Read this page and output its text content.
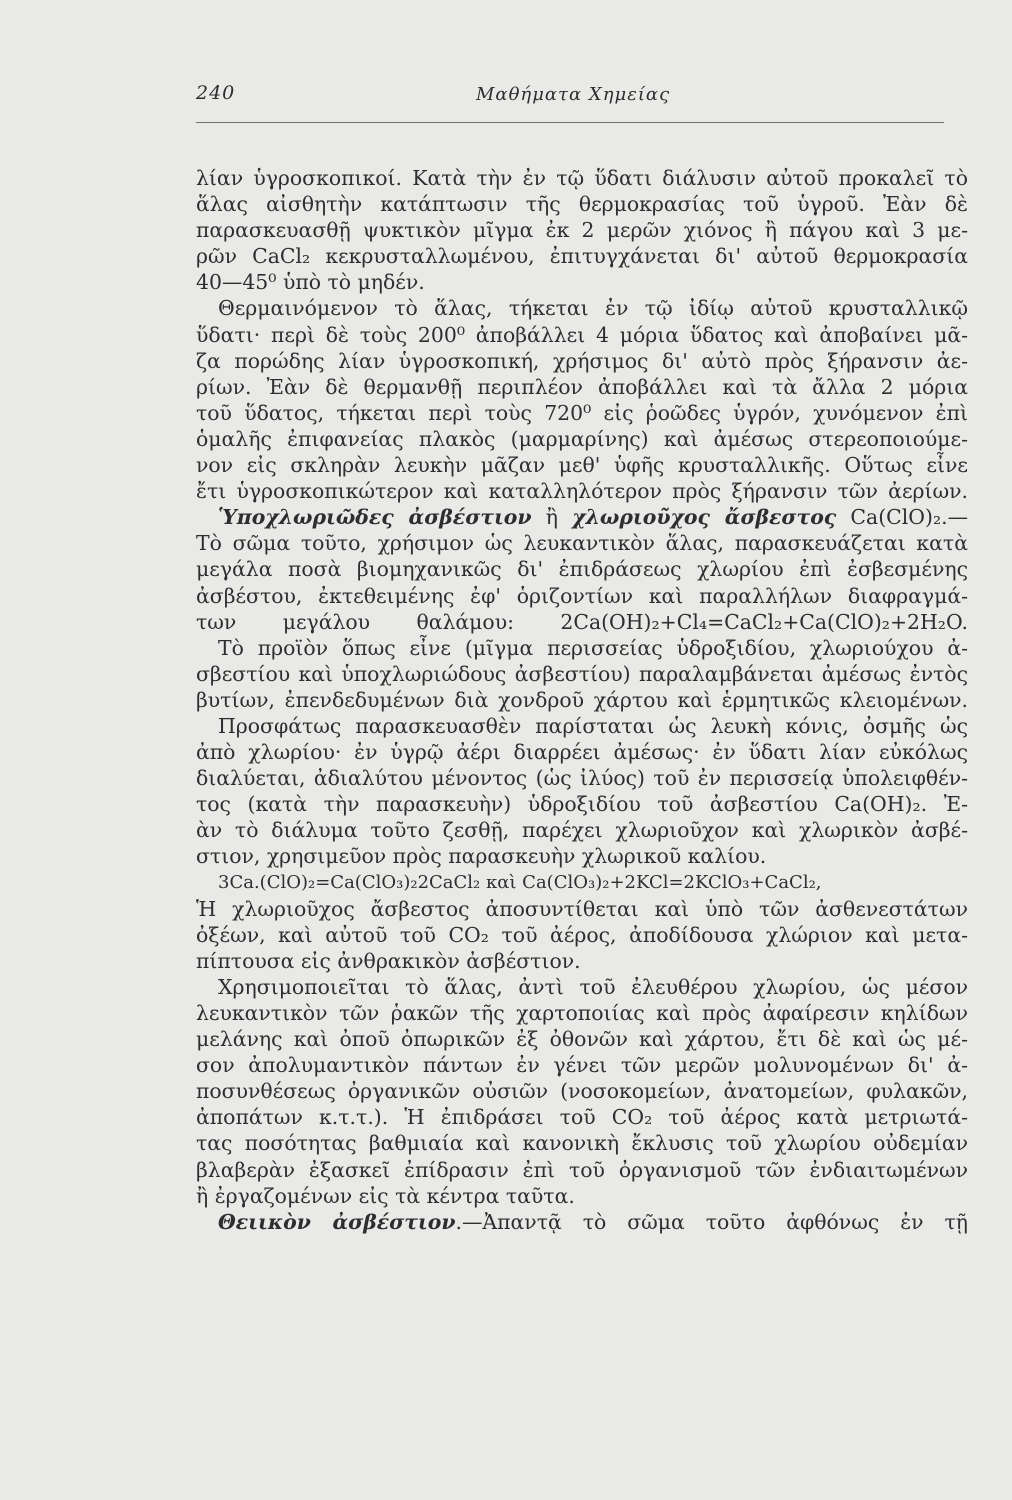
240	Μαθήματα Χημείας
λίαν ὑγροσκοπικοί. Κατὰ τὴν ἐν τῷ ὕδατι διάλυσιν αὐτοῦ προκαλεῖ τὸ
ἅλας αἰσθητὴν κατάπτωσιν τῆς θερμοκρασίας τοῦ ὑγροῦ. Ἐὰν δὲ
παρασκευασθῇ ψυκτικὸν μῖγμα ἐκ 2 μερῶν χιόνος ἢ πάγου καὶ 3 με-
ρῶν CaCl₂ κεκρυσταλλωμένου, ἐπιτυγχάνεται δι' αὐτοῦ θερμοκρασία
40—45⁰ ὑπὸ τὸ μηδέν.
Θερμαινόμενον τὸ ἅλας, τήκεται ἐν τῷ ἰδίῳ αὐτοῦ κρυσταλλικῷ
ὕδατι· περὶ δὲ τοὺς 200⁰ ἀποβάλλει 4 μόρια ὕδατος καὶ ἀποβαίνει μᾶ-
ζα πορώδης λίαν ὑγροσκοπική, χρήσιμος δι' αὐτὸ πρὸς ξήρανσιν ἀε-
ρίων. Ἐὰν δὲ θερμανθῇ περιπλέον ἀποβάλλει καὶ τὰ ἄλλα 2 μόρια
τοῦ ὕδατος, τήκεται περὶ τοὺς 720⁰ εἰς ῥοῶδες ὑγρόν, χυνόμενον ἐπὶ
ὁμαλῆς ἐπιφανείας πλακὸς (μαρμαρίνης) καὶ ἀμέσως στερεοποιούμε-
νον εἰς σκληρὰν λευκὴν μᾶζαν μεθ' ὑφῆς κρυσταλλικῆς. Οὕτως εἶνε
ἔτι ὑγροσκοπικώτερον καὶ καταλληλότερον πρὸς ξήρανσιν τῶν ἀερίων.
Ὑποχλωριῶδες ἀσβέστιον ἢ χλωριοῦχος ἄσβεστος Ca(ClO)₂.—
Τὸ σῶμα τοῦτο, χρήσιμον ὡς λευκαντικὸν ἅλας, παρασκευάζεται κατὰ
μεγάλα ποσὰ βιομηχανικῶς δι' ἐπιδράσεως χλωρίου ἐπὶ ἐσβεσμένης
ἀσβέστου, ἐκτεθειμένης ἐφ' ὁριζοντίων καὶ παραλλήλων διαφραγμά-
των μεγάλου θαλάμου: 2Ca(OH)₂+Cl₄=CaCl₂+Ca(ClO)₂+2H₂O.
Τὸ προϊὸν ὅπως εἶνε (μῖγμα περισσείας ὑδροξιδίου, χλωριούχου ἀ-
σβεστίου καὶ ὑποχλωριώδους ἀσβεστίου) παραλαμβάνεται ἀμέσως ἐντὸς
βυτίων, ἐπενδεδυμένων διὰ χονδροῦ χάρτου καὶ ἑρμητικῶς κλειομένων.
Προσφάτως παρασκευασθὲν παρίσταται ὡς λευκὴ κόνις, ὀσμῆς ὡς
ἀπὸ χλωρίου· ἐν ὑγρῷ ἀέρι διαρρέει ἀμέσως· ἐν ὕδατι λίαν εὐκόλως
διαλύεται, ἀδιαλύτου μένοντος (ὡς ἰλύος) τοῦ ἐν περισσείᾳ ὑπολειφθέν-
τος (κατὰ τὴν παρασκευὴν) ὑδροξιδίου τοῦ ἀσβεστίου Ca(OH)₂. Ἐ-
ὰν τὸ διάλυμα τοῦτο ζεσθῇ, παρέχει χλωριοῦχον καὶ χλωρικὸν ἀσβέ-
στιον, χρησιμεῦον πρὸς παρασκευὴν χλωρικοῦ καλίου.
3Ca.(ClO)₂=Ca(ClO₃)₂2CaCl₂ καὶ Ca(ClO₃)₂+2KCl=2KClO₃+CaCl₂,
Ἡ χλωριοῦχος ἄσβεστος ἀποσυντίθεται καὶ ὑπὸ τῶν ἀσθενεστάτων
ὀξέων, καὶ αὐτοῦ τοῦ CO₂ τοῦ ἀέρος, ἀποδίδουσα χλώριον καὶ μετα-
πίπτουσα εἰς ἀνθρακικὸν ἀσβέστιον.
Χρησιμοποιεῖται τὸ ἅλας, ἀντὶ τοῦ ἐλευθέρου χλωρίου, ὡς μέσον
λευκαντικὸν τῶν ῥακῶν τῆς χαρτοποιίας καὶ πρὸς ἀφαίρεσιν κηλίδων
μελάνης καὶ ὀποῦ ὀπωρικῶν ἐξ ὀθονῶν καὶ χάρτου, ἔτι δὲ καὶ ὡς μέ-
σον ἀπολυμαντικὸν πάντων ἐν γένει τῶν μερῶν μολυνομένων δι' ἀ-
ποσυνθέσεως ὀργανικῶν οὐσιῶν (νοσοκομείων, ἀνατομείων, φυλακῶν,
ἀποπάτων κ.τ.τ.). Ἡ ἐπιδράσει τοῦ CO₂ τοῦ ἀέρος κατὰ μετριωτά-
τας ποσότητας βαθμιαία καὶ κανονικὴ ἔκλυσις τοῦ χλωρίου οὐδεμίαν
βλαβερὰν ἐξασκεῖ ἐπίδρασιν ἐπὶ τοῦ ὀργανισμοῦ τῶν ἐνδιαιτωμένων
ἢ ἐργαζομένων εἰς τὰ κέντρα ταῦτα.
Θειικὸν ἀσβέστιον.—Ἀπαντᾷ τὸ σῶμα τοῦτο ἀφθόνως ἐν τῇ
